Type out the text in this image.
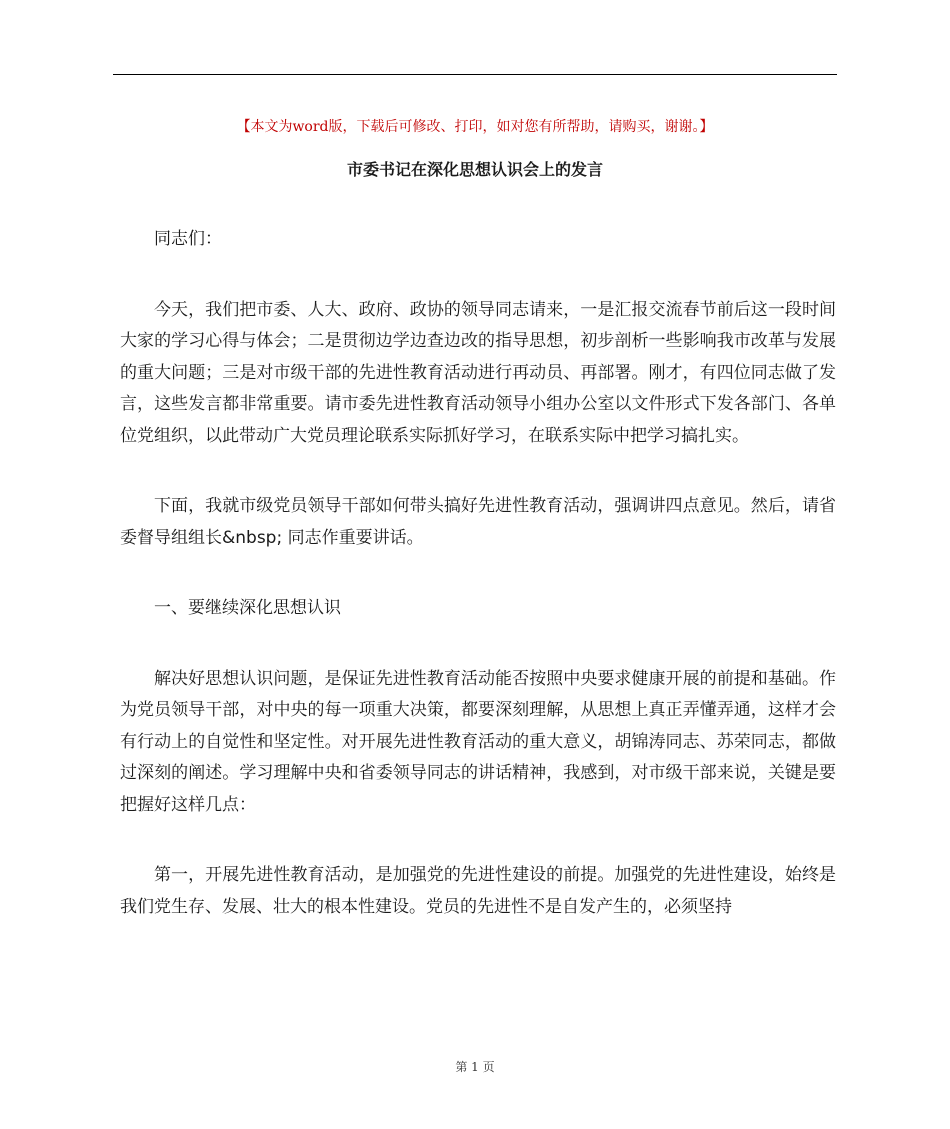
【本文为word版，下载后可修改、打印，如对您有所帮助，请购买，谢谢。】
市委书记在深化思想认识会上的发言

同志们：

今天，我们把市委、人大、政府、政协的领导同志请来，一是汇报交流春节前后这一段时间大家的学习心得与体会；二是贯彻边学边查边改的指导思想，初步剖析一些影响我市改革与发展的重大问题；三是对市级干部的先进性教育活动进行再动员、再部署。刚才，有四位同志做了发言，这些发言都非常重要。请市委先进性教育活动领导小组办公室以文件形式下发各部门、各单位党组织，以此带动广大党员理论联系实际抓好学习，在联系实际中把学习搞扎实。

下面，我就市级党员领导干部如何带头搞好先进性教育活动，强调讲四点意见。然后，请省委督导组组长&nbsp; 同志作重要讲话。

一、要继续深化思想认识

解决好思想认识问题，是保证先进性教育活动能否按照中央要求健康开展的前提和基础。作为党员领导干部，对中央的每一项重大决策，都要深刻理解，从思想上真正弄懂弄通，这样才会有行动上的自觉性和坚定性。对开展先进性教育活动的重大意义，胡锦涛同志、苏荣同志，都做过深刻的阐述。学习理解中央和省委领导同志的讲话精神，我感到，对市级干部来说，关键是要把握好这样几点：

第一，开展先进性教育活动，是加强党的先进性建设的前提。加强党的先进性建设，始终是我们党生存、发展、壮大的根本性建设。党员的先进性不是自发产生的，必须坚持

第 1 页
